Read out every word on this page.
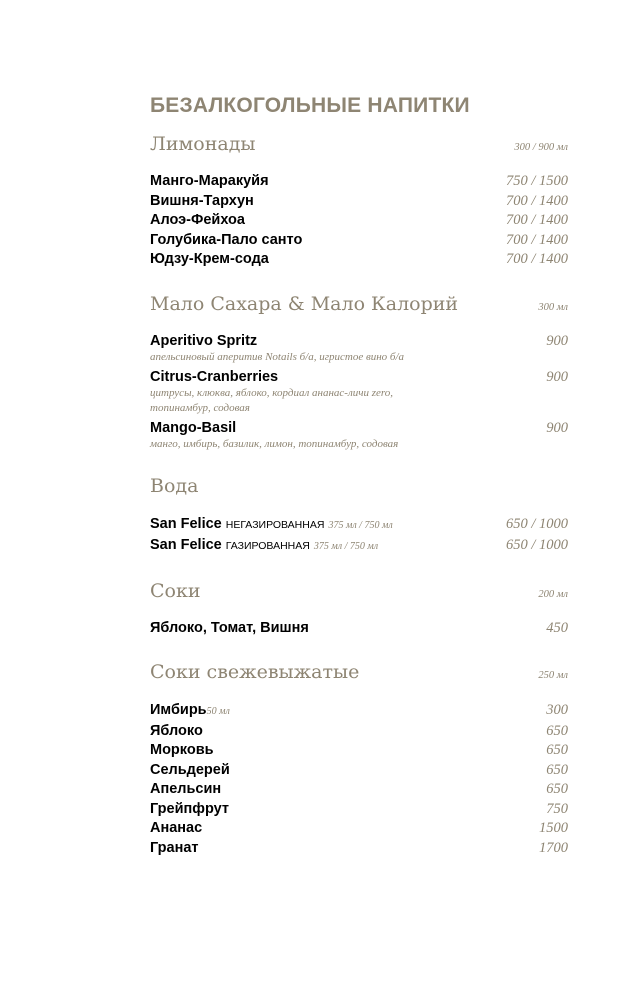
БЕЗАЛКОГОЛЬНЫЕ НАПИТКИ
Лимонады	300 / 900 мл
Манго-Маракуйя	750 / 1500
Вишня-Тархун	700 / 1400
Алоэ-Фейхоа	700 / 1400
Голубика-Пало санто	700 / 1400
Юдзу-Крем-сода	700 / 1400
Мало Сахара & Мало Калорий	300 мл
Aperitivo Spritz	900
апельсиновый аперитив Notails б/а, игристое вино б/а
Citrus-Cranberries	900
цитрусы, клюква, яблоко, кордиал ананас-личи zero, топинамбур, содовая
Mango-Basil	900
манго, имбирь, базилик, лимон, топинамбур, содовая
Вода
San Felice НЕГАЗИРОВАННАЯ 375 мл / 750 мл	650 / 1000
San Felice ГАЗИРОВАННАЯ 375 мл / 750 мл	650 / 1000
Соки	200 мл
Яблоко, Томат, Вишня	450
Соки свежевыжатые	250 мл
Имбирь50 мл	300
Яблоко	650
Морковь	650
Сельдерей	650
Апельсин	650
Грейпфрут	750
Ананас	1500
Гранат	1700
